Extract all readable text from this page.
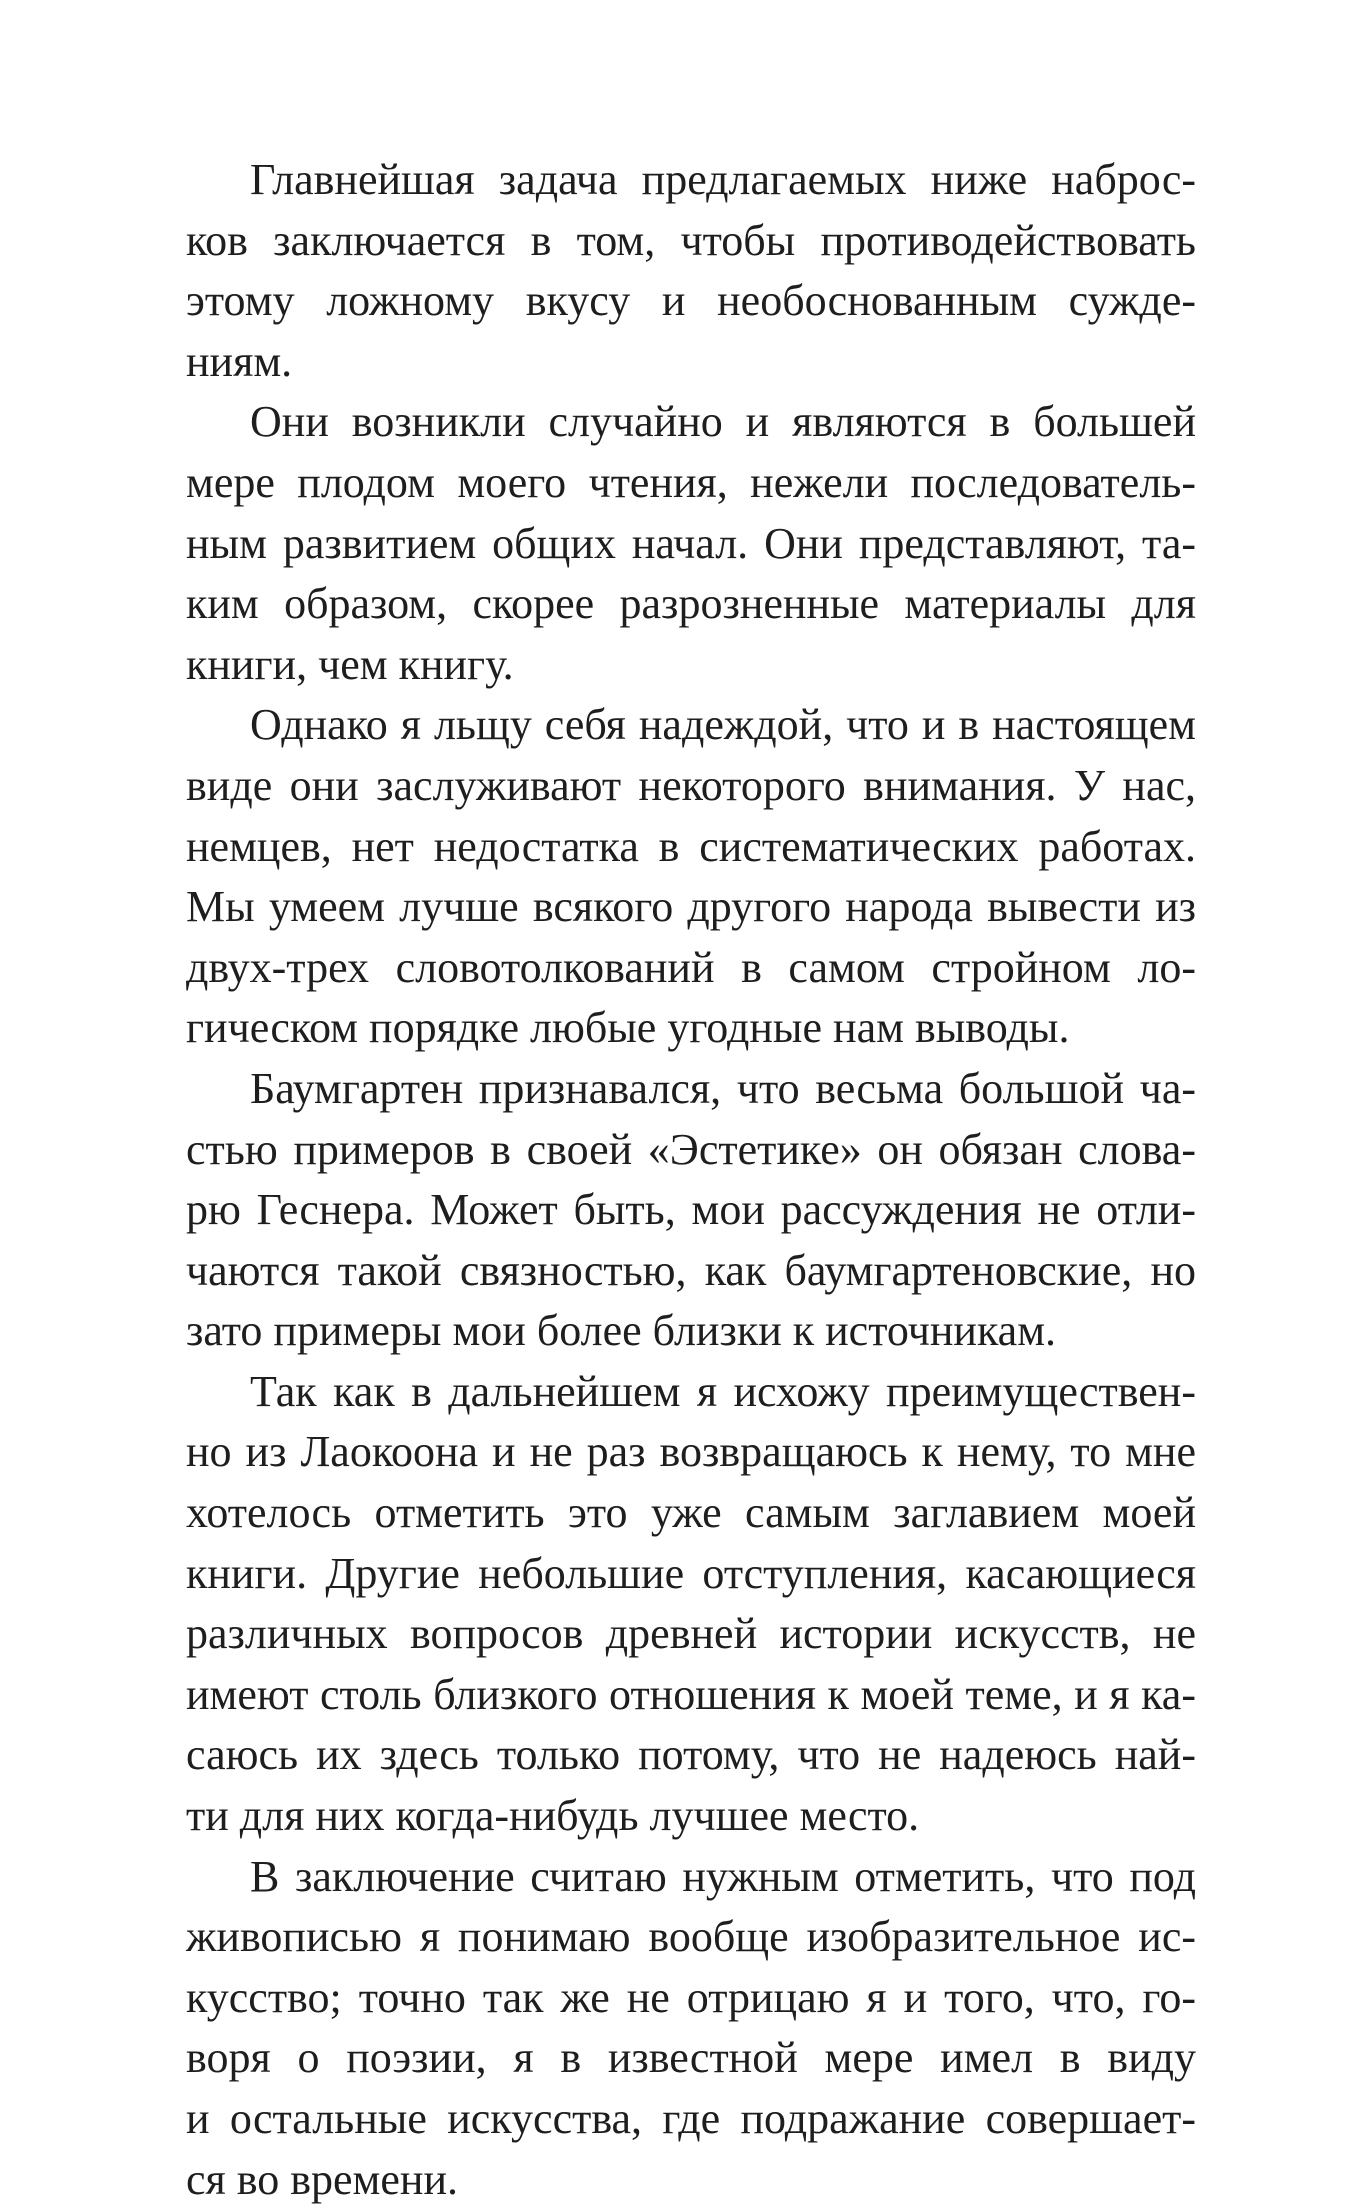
Главнейшая задача предлагаемых ниже наброс-
ков заключается в том, чтобы противодействовать
этому ложному вкусу и необоснованным сужде-
ниям.

Они возникли случайно и являются в большей
мере плодом моего чтения, нежели последователь-
ным развитием общих начал. Они представляют, та-
ким образом, скорее разрозненные материалы для
книги, чем книгу.

Однако я льщу себя надеждой, что и в настоящем
виде они заслуживают некоторого внимания. У нас,
немцев, нет недостатка в систематических работах.
Мы умеем лучше всякого другого народа вывести из
двух-трех словотолкований в самом стройном ло-
гическом порядке любые угодные нам выводы.

Баумгартен признавался, что весьма большой ча-
стью примеров в своей «Эстетике» он обязан слова-
рю Геснера. Может быть, мои рассуждения не отли-
чаются такой связностью, как баумгартеновские, но
зато примеры мои более близки к источникам.

Так как в дальнейшем я исхожу преимуществен-
но из Лаокоона и не раз возвращаюсь к нему, то мне
хотелось отметить это уже самым заглавием моей
книги. Другие небольшие отступления, касающиеся
различных вопросов древней истории искусств, не
имеют столь близкого отношения к моей теме, и я ка-
саюсь их здесь только потому, что не надеюсь най-
ти для них когда-нибудь лучшее место.

В заключение считаю нужным отметить, что под
живописью я понимаю вообще изобразительное ис-
кусство; точно так же не отрицаю я и того, что, го-
воря о поэзии, я в известной мере имел в виду
и остальные искусства, где подражание совершает-
ся во времени.
